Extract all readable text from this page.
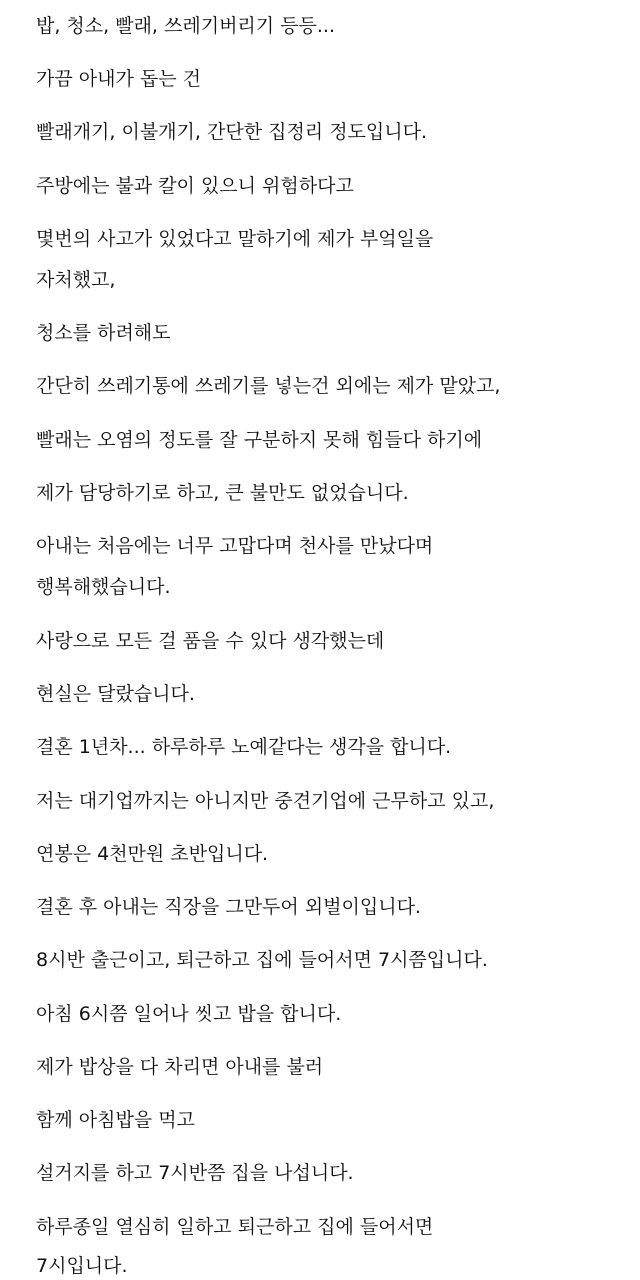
밥, 청소, 빨래, 쓰레기버리기 등등...

가끔 아내가 돕는 건

빨래개기, 이불개기, 간단한 집정리 정도입니다.

주방에는 불과 칼이 있으니 위험하다고

몇번의 사고가 있었다고 말하기에 제가 부엌일을

자처했고,

청소를 하려해도

간단히 쓰레기통에 쓰레기를 넣는건 외에는 제가 맡았고,

빨래는 오염의 정도를 잘 구분하지 못해 힘들다 하기에

제가 담당하기로 하고, 큰 불만도 없었습니다.

아내는 처음에는 너무 고맙다며 천사를 만났다며

행복해했습니다.

사랑으로 모든 걸 품을 수 있다 생각했는데

현실은 달랐습니다.

결혼 1년차... 하루하루 노예같다는 생각을 합니다.

저는 대기업까지는 아니지만 중견기업에 근무하고 있고,

연봉은 4천만원 초반입니다.

결혼 후 아내는 직장을 그만두어 외벌이입니다.

8시반 출근이고, 퇴근하고 집에 들어서면 7시쯤입니다.

아침 6시쯤 일어나 씻고 밥을 합니다.

제가 밥상을 다 차리면 아내를 불러

함께 아침밥을 먹고

설거지를 하고 7시반쯤 집을 나섭니다.

하루종일 열심히 일하고 퇴근하고 집에 들어서면

7시입니다.
